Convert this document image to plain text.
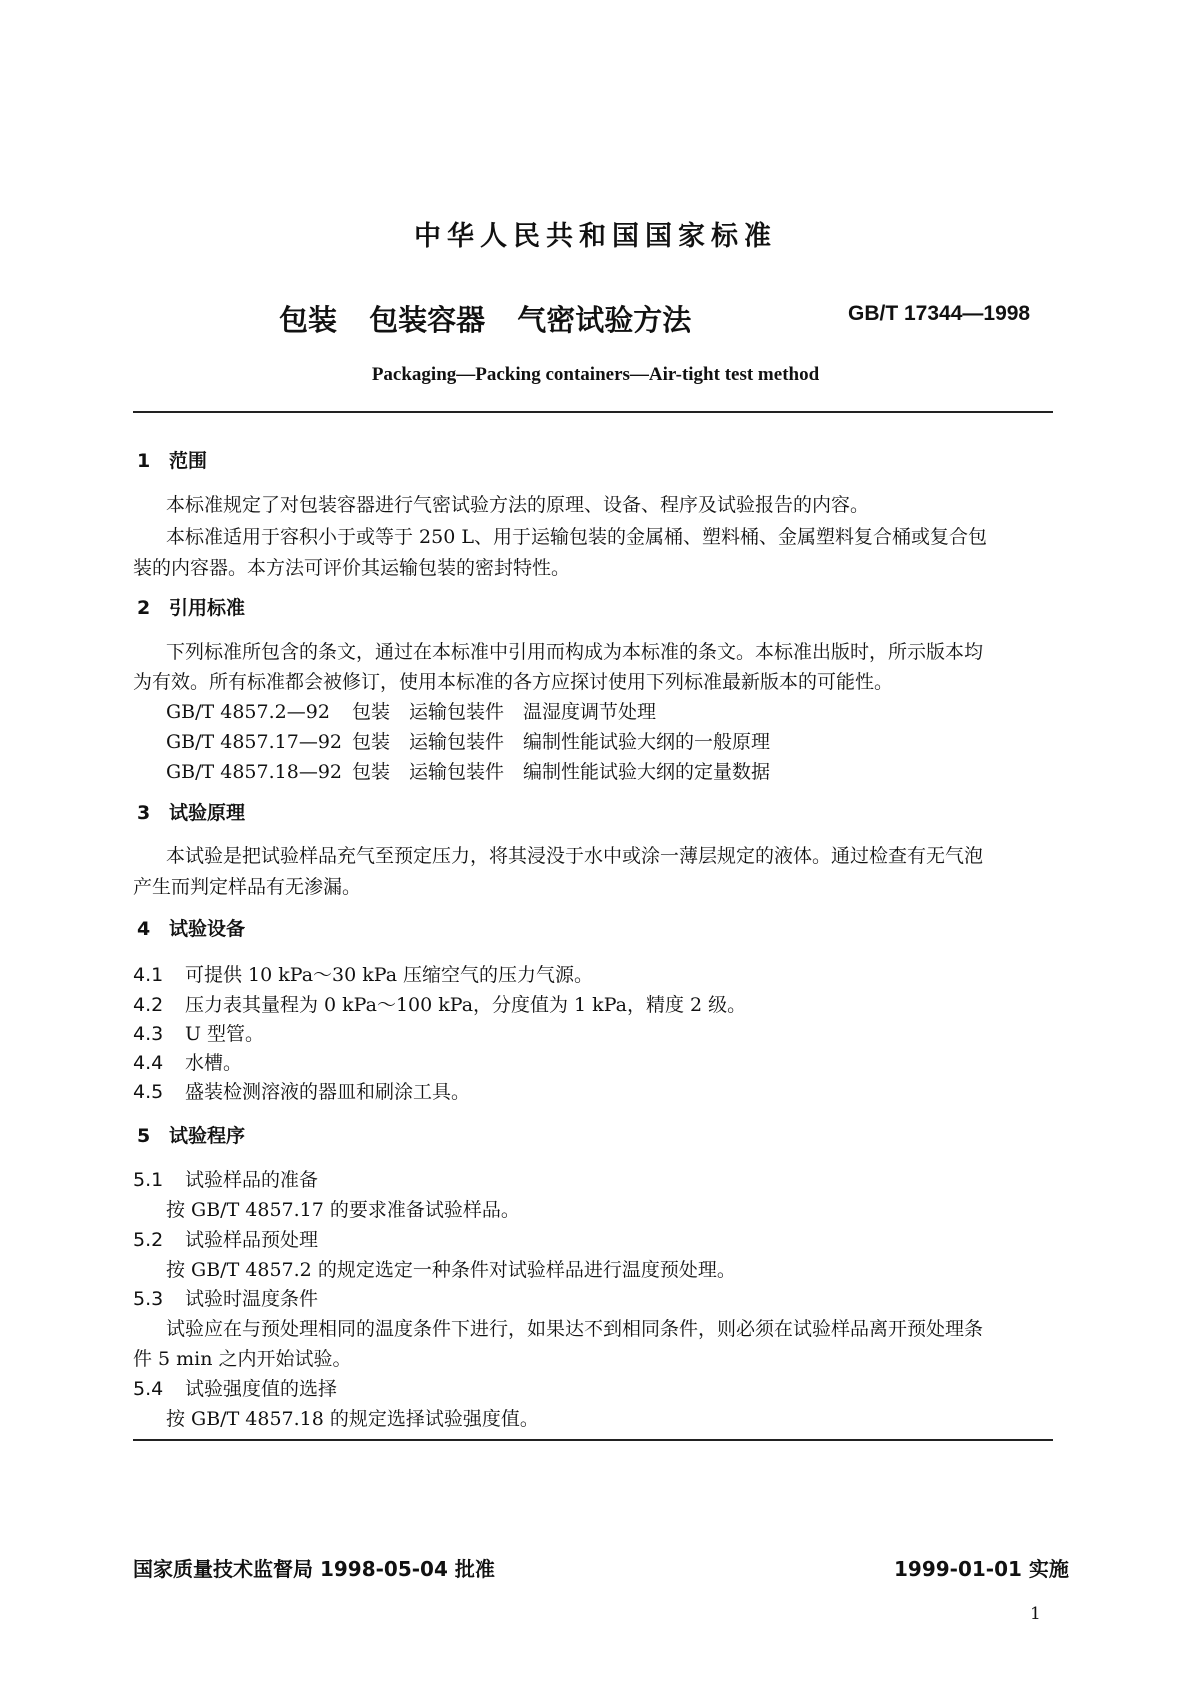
中华人民共和国国家标准
包装 包装容器 气密试验方法	GB/T 17344—1998
Packaging—Packing containers—Air-tight test method
1 范围
本标准规定了对包装容器进行气密试验方法的原理、设备、程序及试验报告的内容。
本标准适用于容积小于或等于 250 L、用于运输包装的金属桶、塑料桶、金属塑料复合桶或复合包
装的内容器。本方法可评价其运输包装的密封特性。
2 引用标准
下列标准所包含的条文，通过在本标准中引用而构成为本标准的条文。本标准出版时，所示版本均
为有效。所有标准都会被修订，使用本标准的各方应探讨使用下列标准最新版本的可能性。
GB/T 4857.2—92 包装　运输包装件　温湿度调节处理
GB/T 4857.17—92 包装　运输包装件　编制性能试验大纲的一般原理
GB/T 4857.18—92 包装　运输包装件　编制性能试验大纲的定量数据
3 试验原理
本试验是把试验样品充气至预定压力，将其浸没于水中或涂一薄层规定的液体。通过检查有无气泡
产生而判定样品有无渗漏。
4 试验设备
4.1 可提供 10 kPa～30 kPa 压缩空气的压力气源。
4.2 压力表其量程为 0 kPa～100 kPa，分度值为 1 kPa，精度 2 级。
4.3 U 型管。
4.4 水槽。
4.5 盛装检测溶液的器皿和刷涂工具。
5 试验程序
5.1 试验样品的准备
按 GB/T 4857.17 的要求准备试验样品。
5.2 试验样品预处理
按 GB/T 4857.2 的规定选定一种条件对试验样品进行温度预处理。
5.3 试验时温度条件
试验应在与预处理相同的温度条件下进行，如果达不到相同条件，则必须在试验样品离开预处理条
件 5 min 之内开始试验。
5.4 试验强度值的选择
按 GB/T 4857.18 的规定选择试验强度值。
国家质量技术监督局 1998-05-04 批准	1999-01-01 实施
1
